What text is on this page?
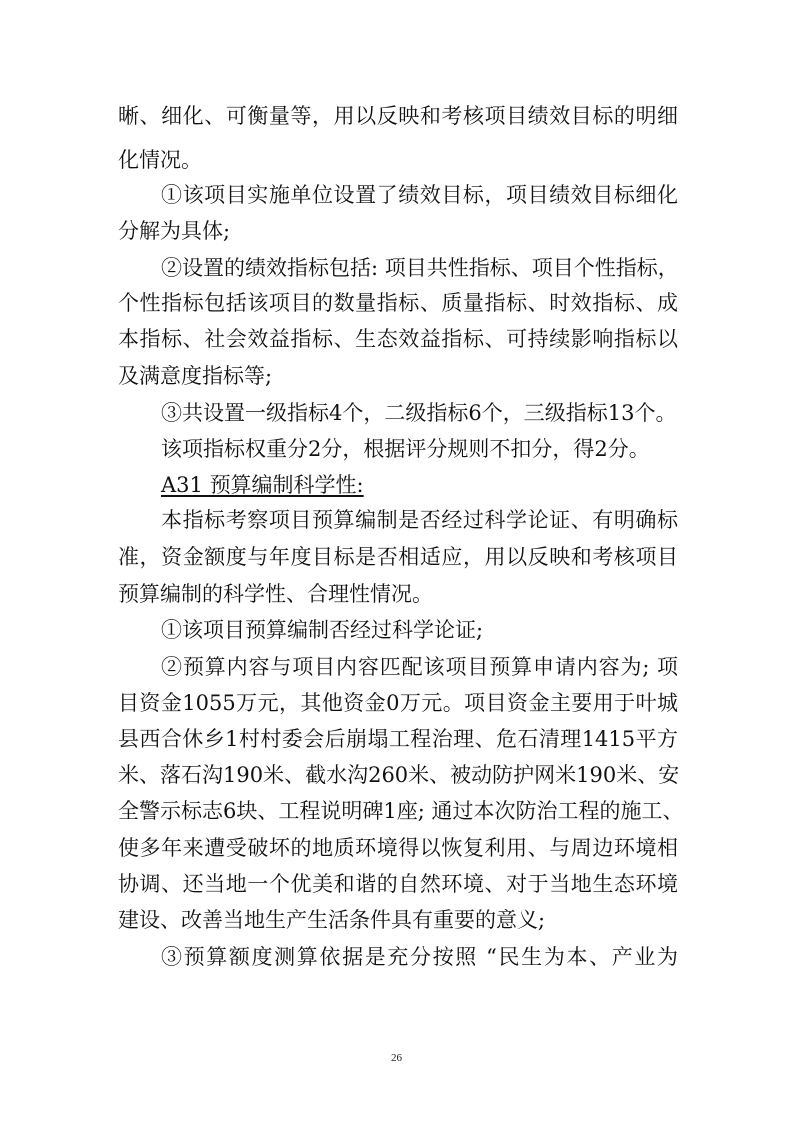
晰、细化、可衡量等，用以反映和考核项目绩效目标的明细
化情况。
①该项目实施单位设置了绩效目标，项目绩效目标细化
分解为具体;
②设置的绩效指标包括: 项目共性指标、项目个性指标，
个性指标包括该项目的数量指标、质量指标、时效指标、成
本指标、社会效益指标、生态效益指标、可持续影响指标以
及满意度指标等;
③共设置一级指标4个，二级指标6个，三级指标13个。
该项指标权重分2分，根据评分规则不扣分，得2分。
A31 预算编制科学性:
本指标考察项目预算编制是否经过科学论证、有明确标
准，资金额度与年度目标是否相适应，用以反映和考核项目
预算编制的科学性、合理性情况。
①该项目预算编制否经过科学论证;
②预算内容与项目内容匹配该项目预算申请内容为; 项
目资金1055万元，其他资金0万元。项目资金主要用于叶城
县西合休乡1村村委会后崩塌工程治理、危石清理1415平方
米、落石沟190米、截水沟260米、被动防护网米190米、安
全警示标志6块、工程说明碑1座; 通过本次防治工程的施工、
使多年来遭受破坏的地质环境得以恢复利用、与周边环境相
协调、还当地一个优美和谐的自然环境、对于当地生态环境
建设、改善当地生产生活条件具有重要的意义;
③预算额度测算依据是充分按照 “民生为本、产业为
26
